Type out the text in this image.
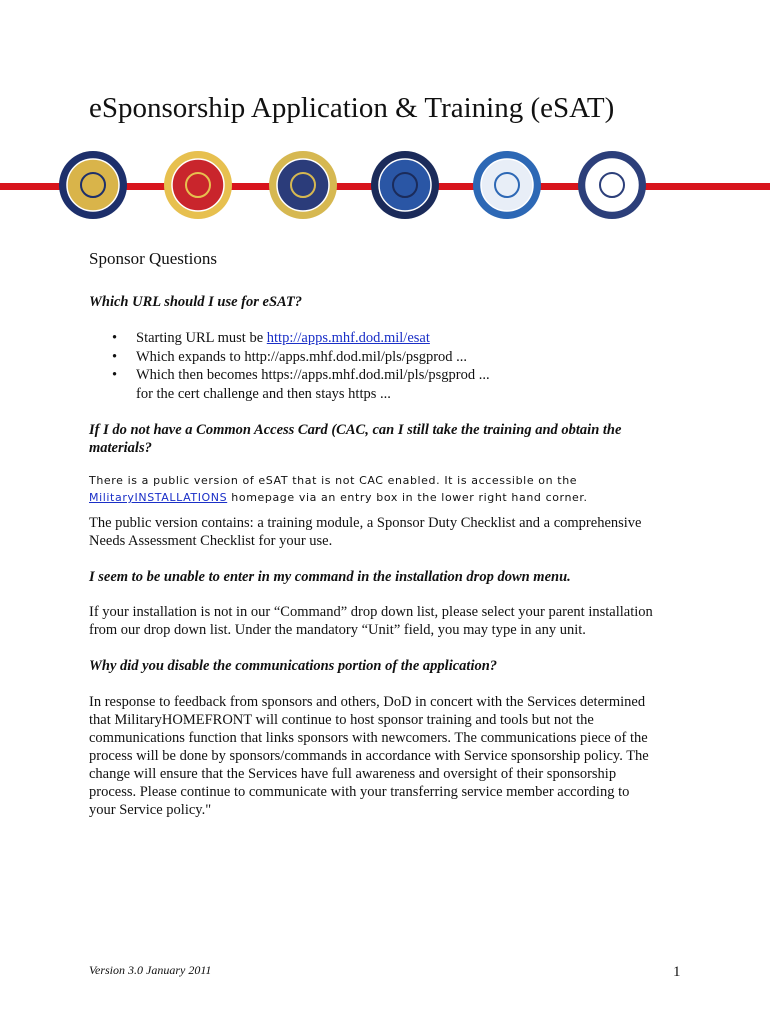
eSponsorship Application & Training (eSAT)
Sponsor Questions
Which URL should I use for eSAT?
• Starting URL must be http://apps.mhf.dod.mil/esat
• Which expands to http://apps.mhf.dod.mil/pls/psgprod ...
• Which then becomes https://apps.mhf.dod.mil/pls/psgprod ...
for the cert challenge and then stays https ...
If I do not have a Common Access Card (CAC, can I still take the training and obtain the
materials?
There is a public version of eSAT that is not CAC enabled. It is accessible on the
MilitaryINSTALLATIONS homepage via an entry box in the lower right hand corner.
The public version contains: a training module, a Sponsor Duty Checklist and a comprehensive
Needs Assessment Checklist for your use.
I seem to be unable to enter in my command in the installation drop down menu.
If your installation is not in our “Command” drop down list, please select your parent installation
from our drop down list. Under the mandatory “Unit” field, you may type in any unit.
Why did you disable the communications portion of the application?
In response to feedback from sponsors and others, DoD in concert with the Services determined
that MilitaryHOMEFRONT will continue to host sponsor training and tools but not the
communications function that links sponsors with newcomers. The communications piece of the
process will be done by sponsors/commands in accordance with Service sponsorship policy. The
change will ensure that the Services have full awareness and oversight of their sponsorship
process. Please continue to communicate with your transferring service member according to
your Service policy."
Version 3.0 January 2011	1
